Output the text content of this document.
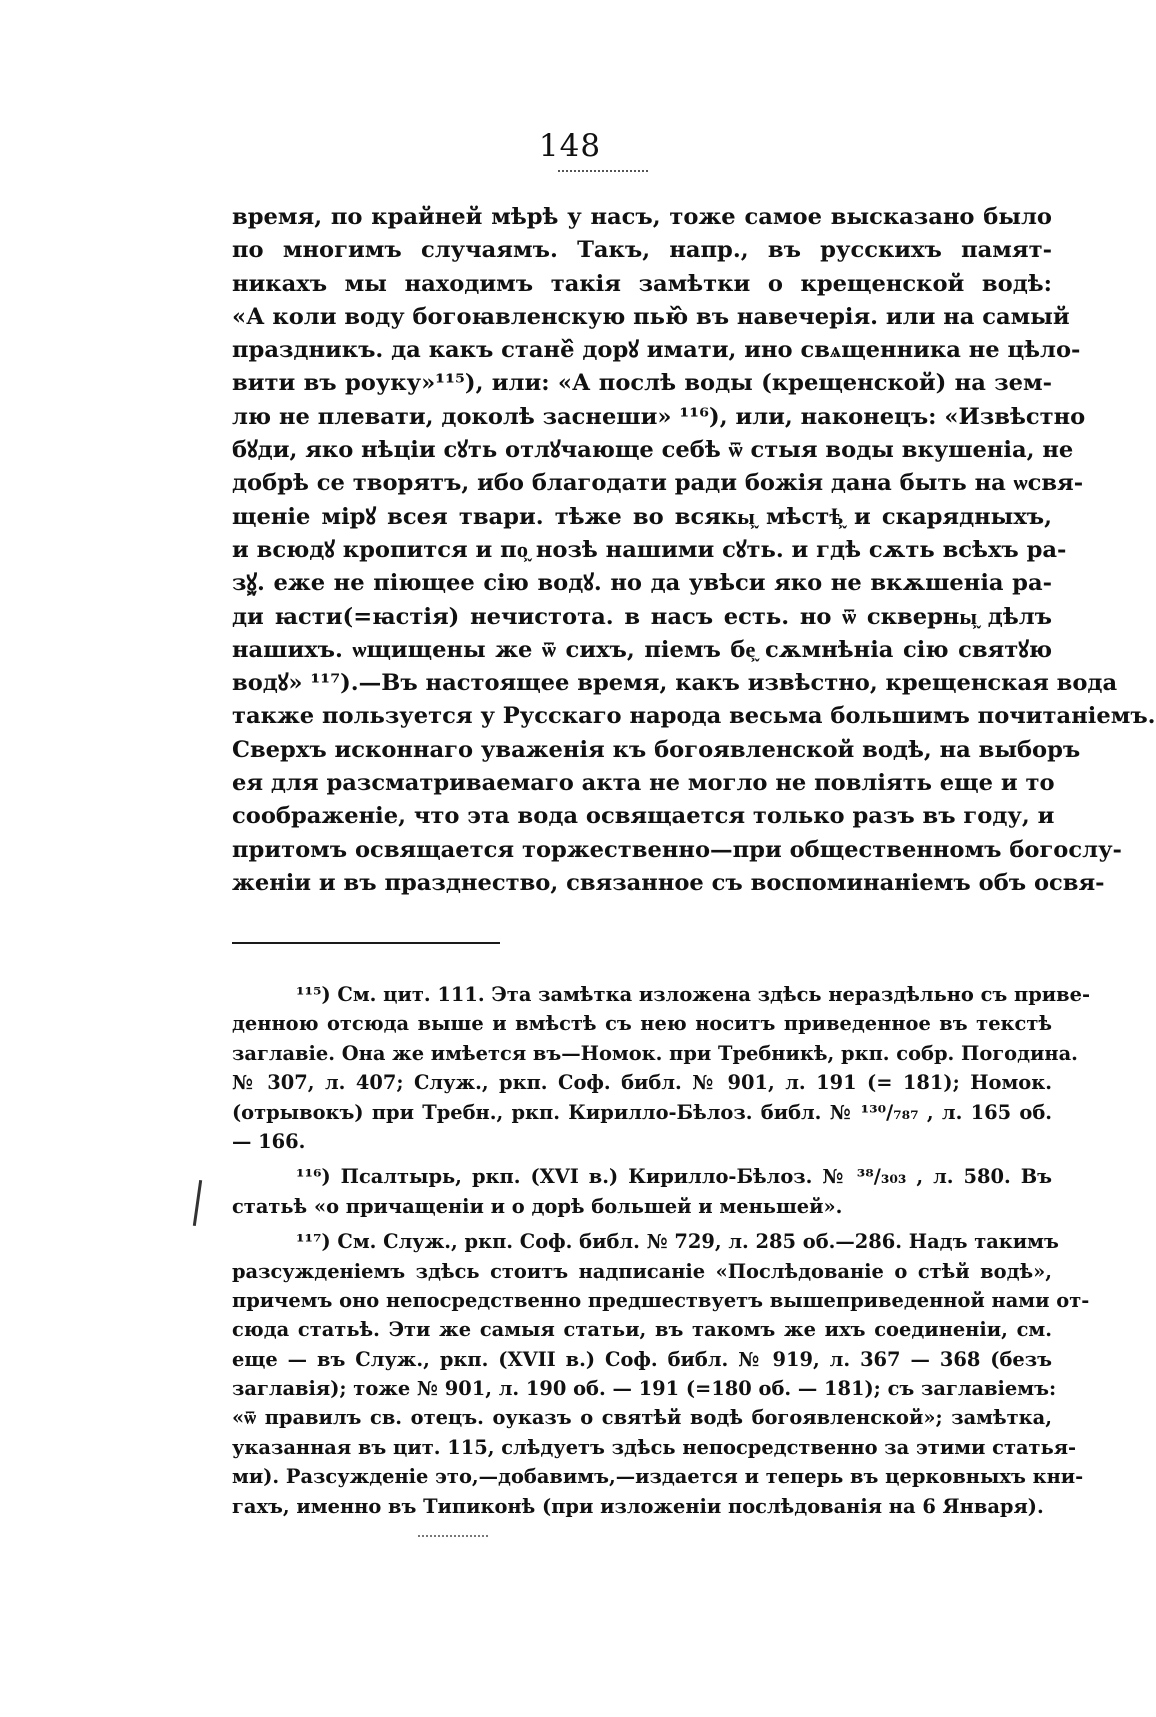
148
время, по крайней мѣрѣ у насъ, тоже самое высказано было
по многимъ случаямъ. Такъ, напр., въ русскихъ памят-
никахъ мы находимъ такія замѣтки о крещенской водѣ:
«А коли воду богоꙗвленскую пью᷈ въ навечерія. или на самый
праздникъ. да какъ стане᷈ дорꙋ имати, ино свѧщенника не цѣло-
вити въ роуку»¹¹⁵), или: «А послѣ воды (крещенской) на зем-
лю не плевати, доколѣ заснеши» ¹¹⁶), или, наконецъ: «Извѣстно
бꙋди, яко нѣціи сꙋть отлꙋчающе себѣ ѿ стыя воды вкушеніа, не
добрѣ се творятъ, ибо благодати ради божія дана быть на ѡсвя-
щеніе мірꙋ всея твари. тѣже во всякы᷿ мѣстѣ᷿ и скарядныхъ,
и всюдꙋ кропится и по᷿ нозѣ нашими сꙋть. и гдѣ сѫть всѣхъ ра-
зꙋ᷿. еже не піющее сію водꙋ. но да увѣси яко не вкѫшеніа ра-
ди ꙗсти(=ꙗстія) нечистота. в насъ есть. но ѿ скверны᷿ дѣлъ
нашихъ. ѡщищены же ѿ сихъ, піемъ бе᷿ сѫмнѣніа сію святꙋю
водꙋ» ¹¹⁷).—Въ настоящее время, какъ извѣстно, крещенская вода
также пользуется у Русскаго народа весьма большимъ почитаніемъ.
Сверхъ исконнаго уваженія къ богоявленской водѣ, на выборъ
ея для разсматриваемаго акта не могло не повліять еще и то
соображеніе, что эта вода освящается только разъ въ году, и
притомъ освящается торжественно—при общественномъ богослу-
женіи и въ празднество, связанное съ воспоминаніемъ объ освя-
¹¹⁵) См. цит. 111. Эта замѣтка изложена здѣсь нераздѣльно съ приве-
денною отсюда выше и вмѣстѣ съ нею носитъ приведенное въ текстѣ
заглавіе. Она же имѣется въ—Номок. при Требникѣ, ркп. собр. Погодина.
№ 307, л. 407; Служ., ркп. Соф. библ. № 901, л. 191 (= 181); Номок.
(отрывокъ) при Требн., ркп. Кирилло-Бѣлоз. библ. № ¹³⁰/₇₈₇ , л. 165 об.
— 166.
¹¹⁶) Псалтырь, ркп. (XVI в.) Кирилло-Бѣлоз. № ³⁸/₃₀₃ , л. 580. Въ
статьѣ «о причащеніи и о дорѣ большей и меньшей».
¹¹⁷) См. Служ., ркп. Соф. библ. № 729, л. 285 об.—286. Надъ такимъ
разсужденіемъ здѣсь стоитъ надписаніе «Послѣдованіе о стѣй водѣ»,
причемъ оно непосредственно предшествуетъ вышеприведенной нами от-
сюда статьѣ. Эти же самыя статьи, въ такомъ же ихъ соединеніи, см.
еще — въ Служ., ркп. (XVII в.) Соф. библ. № 919, л. 367 — 368 (безъ
заглавія); тоже № 901, л. 190 об. — 191 (=180 об. — 181); съ заглавіемъ:
«ѿ правилъ св. отецъ. оуказъ о святѣй водѣ богоявленской»; замѣтка,
указанная въ цит. 115, слѣдуетъ здѣсь непосредственно за этими статья-
ми). Разсужденіе это,—добавимъ,—издается и теперь въ церковныхъ кни-
гахъ, именно въ Типиконѣ (при изложеніи послѣдованія на 6 Января).
